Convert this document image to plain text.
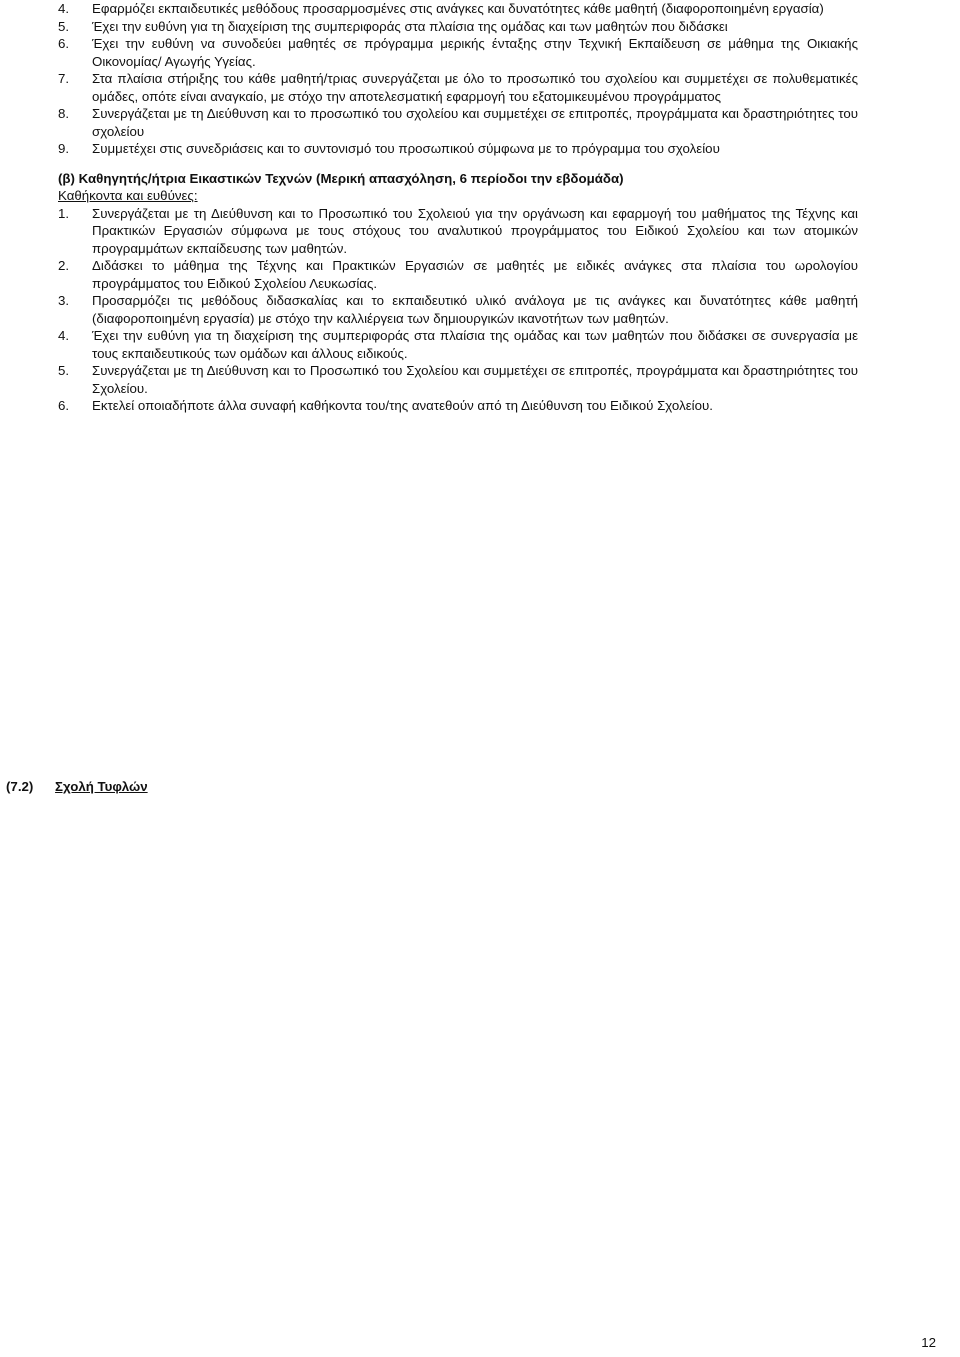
4.	Εφαρμόζει εκπαιδευτικές μεθόδους προσαρμοσμένες στις ανάγκες και δυνατότητες κάθε μαθητή (διαφοροποιημένη εργασία)
5.	Έχει την ευθύνη για τη διαχείριση της συμπεριφοράς στα πλαίσια της ομάδας και των μαθητών που διδάσκει
6.	Έχει την ευθύνη να συνοδεύει μαθητές σε πρόγραμμα μερικής ένταξης στην Τεχνική Εκπαίδευση σε μάθημα της Οικιακής Οικονομίας/ Αγωγής Υγείας.
7.	Στα πλαίσια στήριξης του κάθε μαθητή/τριας συνεργάζεται με όλο το προσωπικό του σχολείου και συμμετέχει σε πολυθεματικές ομάδες, οπότε είναι αναγκαίο, με στόχο την αποτελεσματική εφαρμογή του εξατομικευμένου προγράμματος
8.	Συνεργάζεται με τη Διεύθυνση και το προσωπικό του σχολείου και συμμετέχει σε επιτροπές, προγράμματα και δραστηριότητες του σχολείου
9.	Συμμετέχει στις συνεδριάσεις και το συντονισμό του προσωπικού σύμφωνα με το πρόγραμμα του σχολείου

(β) Καθηγητής/ήτρια Εικαστικών Τεχνών (Μερική απασχόληση, 6 περίοδοι την εβδομάδα)

Καθήκοντα και ευθύνες:

1.	Συνεργάζεται με τη Διεύθυνση και το Προσωπικό του Σχολειού για την οργάνωση και εφαρμογή του μαθήματος της Τέχνης και Πρακτικών Εργασιών σύμφωνα με τους στόχους του αναλυτικού προγράμματος του Ειδικού Σχολείου και των ατομικών προγραμμάτων εκπαίδευσης των μαθητών.
2.	Διδάσκει το μάθημα της Τέχνης και Πρακτικών Εργασιών σε μαθητές με ειδικές ανάγκες στα πλαίσια του ωρολογίου προγράμματος του Ειδικού Σχολείου Λευκωσίας.
3.	Προσαρμόζει τις μεθόδους διδασκαλίας και το εκπαιδευτικό υλικό ανάλογα με τις ανάγκες και δυνατότητες κάθε μαθητή (διαφοροποιημένη εργασία) με στόχο την καλλιέργεια των δημιουργικών ικανοτήτων των μαθητών.
4.	Έχει την ευθύνη για τη διαχείριση της συμπεριφοράς στα πλαίσια της ομάδας και των μαθητών που διδάσκει σε συνεργασία με τους εκπαιδευτικούς των ομάδων και άλλους ειδικούς.
5.	Συνεργάζεται με τη Διεύθυνση και το Προσωπικό του Σχολείου και συμμετέχει σε επιτροπές, προγράμματα και δραστηριότητες του Σχολείου.
6.	Εκτελεί οποιαδήποτε άλλα συναφή καθήκοντα του/της ανατεθούν από τη Διεύθυνση του Ειδικού Σχολείου.

(7.2) Σχολή Τυφλών

12
